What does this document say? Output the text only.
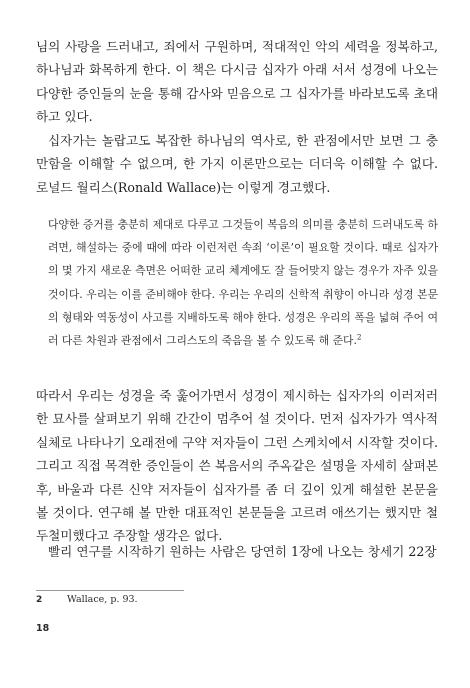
님의 사랑을 드러내고, 죄에서 구원하며, 적대적인 악의 세력을 정복하고, 하나님과 화목하게 한다. 이 책은 다시금 십자가 아래 서서 성경에 나오는 다양한 증인들의 눈을 통해 감사와 믿음으로 그 십자가를 바라보도록 초대하고 있다.

십자가는 놀랍고도 복잡한 하나님의 역사로, 한 관점에서만 보면 그 충만함을 이해할 수 없으며, 한 가지 이론만으로는 더더욱 이해할 수 없다. 로널드 월리스(Ronald Wallace)는 이렇게 경고했다.

다양한 증거를 충분히 제대로 다루고 그것들이 복음의 의미를 충분히 드러내도록 하려면, 해설하는 중에 때에 따라 이런저런 속죄 ‘이론’이 필요할 것이다. 때로 십자가의 몇 가지 새로운 측면은 어떠한 교리 체계에도 잘 들어맞지 않는 경우가 자주 있을 것이다. 우리는 이를 준비해야 한다. 우리는 우리의 신학적 취향이 아니라 성경 본문의 형태와 역동성이 사고를 지배하도록 해야 한다. 성경은 우리의 폭을 넓혀 주어 여러 다른 차원과 관점에서 그리스도의 죽음을 볼 수 있도록 해 준다.$^2$

따라서 우리는 성경을 죽 훑어가면서 성경이 제시하는 십자가의 이러저러한 묘사를 살펴보기 위해 간간이 멈추어 설 것이다. 먼저 십자가가 역사적 실체로 나타나기 오래전에 구약 저자들이 그런 스케치에서 시작할 것이다. 그리고 직접 목격한 증인들이 쓴 복음서의 주옥같은 설명을 자세히 살펴본 후, 바울과 다른 신약 저자들이 십자가를 좀 더 깊이 있게 해설한 본문을 볼 것이다. 연구해 볼 만한 대표적인 본문들을 고르려 애쓰기는 했지만 철두철미했다고 주장할 생각은 없다.

빨리 연구를 시작하기 원하는 사람은 당연히 1장에 나오는 창세기 22장

2	Wallace, p. 93.
18
